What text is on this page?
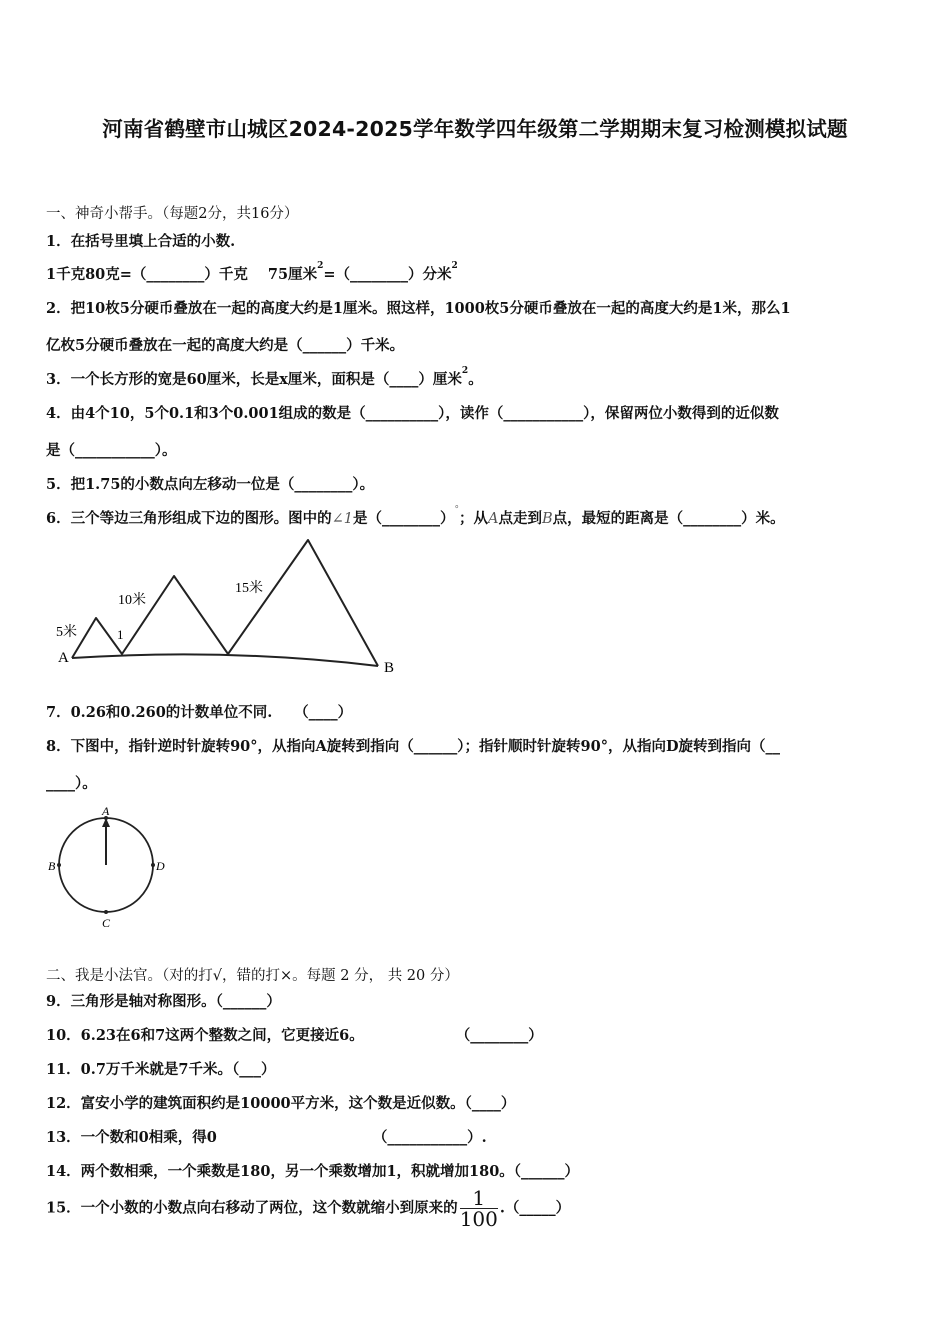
河南省鹤壁市山城区2024-2025学年数学四年级第二学期期末复习检测模拟试题
一、神奇小帮手。（每题2分，共16分）
1．在括号里填上合适的小数.
1千克80克=（________）千克 75厘米$^2$=（________）分米$^2$
2．把10枚5分硬币叠放在一起的高度大约是1厘米。照这样，1000枚5分硬币叠放在一起的高度大约是1米，那么1
亿枚5分硬币叠放在一起的高度大约是（______）千米。
3．一个长方形的宽是60厘米，长是x厘米，面积是（____）厘米$^2$。
4．由4个10，5个0.1和3个0.001组成的数是（__________），读作（___________），保留两位小数得到的近似数
是（___________）。
5．把1.75的小数点向左移动一位是（________）。
6．三个等边三角形组成下边的图形。图中的∠1是（________）°；从A点走到B点，最短的距离是（________）米。
A
B
1
5米
10米
15米
7．0.26和0.260的计数单位不同.　　（____）
8．下图中，指针逆时针旋转90°，从指向A旋转到指向（______）；指针顺时针旋转90°，从指向D旋转到指向（__
____）。
A
B	D
C
二、我是小法官。（对的打√，错的打×。每题 2 分， 共 20 分）
9．三角形是轴对称图形。（______）
10．6.23在6和7这两个整数之间，它更接近6。	（________）
11．0.7万千米就是7千米。（___）
12．富安小学的建筑面积约是10000平方米，这个数是近似数。（____）
13．一个数和0相乘，得0	（___________）.
14．两个数相乘，一个乘数是180，另一个乘数增加1，积就增加180。（______）
15．一个小数的小数点向右移动了两位，这个数就缩小到原来的 $\frac{1}{100}$ .（_____）
